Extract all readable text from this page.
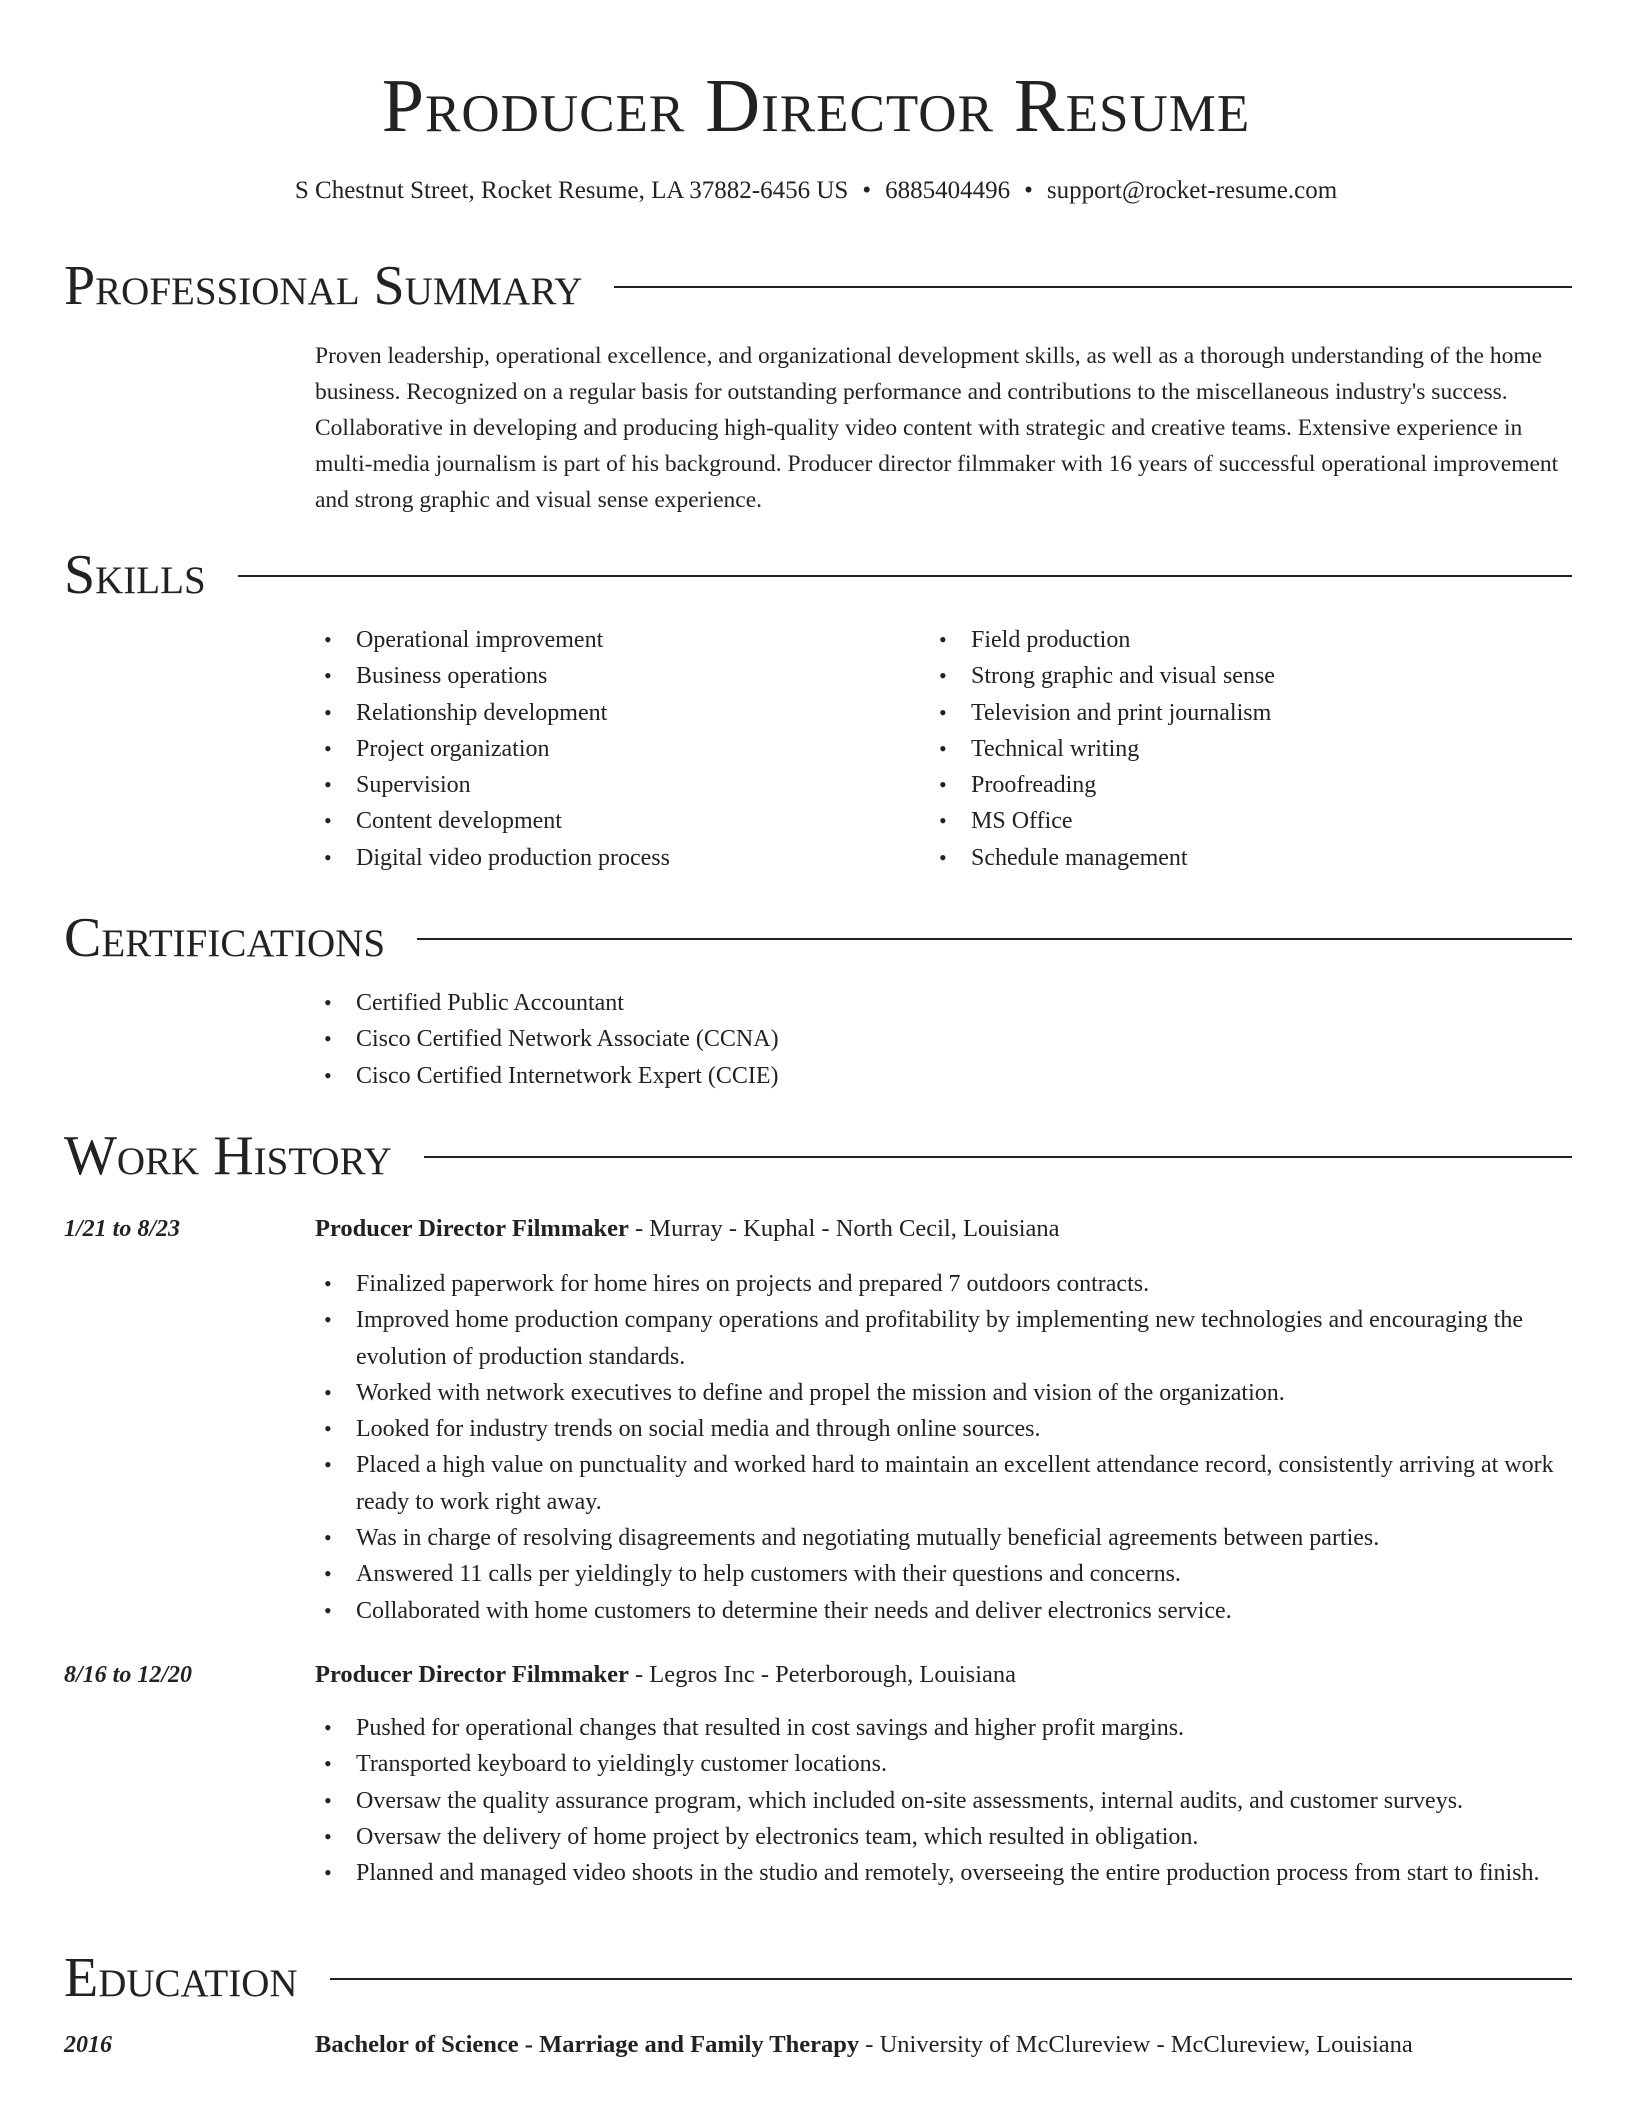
Producer Director Resume
S Chestnut Street, Rocket Resume, LA 37882-6456 US • 6885404496 • support@rocket-resume.com
Professional Summary

Proven leadership, operational excellence, and organizational development skills, as well as a thorough understanding of the home business. Recognized on a regular basis for outstanding performance and contributions to the miscellaneous industry's success. Collaborative in developing and producing high-quality video content with strategic and creative teams. Extensive experience in multi-media journalism is part of his background. Producer director filmmaker with 16 years of successful operational improvement and strong graphic and visual sense experience.

Skills
• Operational improvement
• Business operations
• Relationship development
• Project organization
• Supervision
• Content development
• Digital video production process
• Field production
• Strong graphic and visual sense
• Television and print journalism
• Technical writing
• Proofreading
• MS Office
• Schedule management
Certifications
• Certified Public Accountant
• Cisco Certified Network Associate (CCNA)
• Cisco Certified Internetwork Expert (CCIE)
Work History
1/21 to 8/23	Producer Director Filmmaker - Murray - Kuphal - North Cecil, Louisiana
• Finalized paperwork for home hires on projects and prepared 7 outdoors contracts.
• Improved home production company operations and profitability by implementing new technologies and encouraging the evolution of production standards.
• Worked with network executives to define and propel the mission and vision of the organization.
• Looked for industry trends on social media and through online sources.
• Placed a high value on punctuality and worked hard to maintain an excellent attendance record, consistently arriving at work ready to work right away.
• Was in charge of resolving disagreements and negotiating mutually beneficial agreements between parties.
• Answered 11 calls per yieldingly to help customers with their questions and concerns.
• Collaborated with home customers to determine their needs and deliver electronics service.
8/16 to 12/20	Producer Director Filmmaker - Legros Inc - Peterborough, Louisiana
• Pushed for operational changes that resulted in cost savings and higher profit margins.
• Transported keyboard to yieldingly customer locations.
• Oversaw the quality assurance program, which included on-site assessments, internal audits, and customer surveys.
• Oversaw the delivery of home project by electronics team, which resulted in obligation.
• Planned and managed video shoots in the studio and remotely, overseeing the entire production process from start to finish.
Education
2016	Bachelor of Science - Marriage and Family Therapy - University of McClureview - McClureview, Louisiana
